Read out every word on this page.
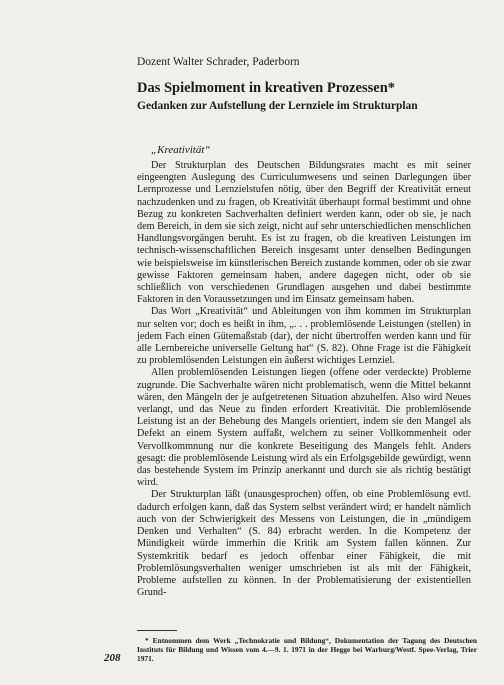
Dozent Walter Schrader, Paderborn
Das Spielmoment in kreativen Prozessen*
Gedanken zur Aufstellung der Lernziele im Strukturplan
„Kreativität“

Der Strukturplan des Deutschen Bildungsrates macht es mit seiner eingeengten Auslegung des Curriculumwesens und seinen Darlegungen über Lernprozesse und Lernzielstufen nötig, über den Begriff der Kreativität erneut nachzudenken und zu fragen, ob Kreativität überhaupt formal bestimmt und ohne Bezug zu konkreten Sachverhalten definiert werden kann, oder ob sie, je nach dem Bereich, in dem sie sich zeigt, nicht auf sehr unterschiedlichen menschlichen Handlungsvorgängen beruht. Es ist zu fragen, ob die kreativen Leistungen im technisch-wissenschaftlichen Bereich insgesamt unter denselben Bedingungen wie beispielsweise im künstlerischen Bereich zustande kommen, oder ob sie zwar gewisse Faktoren gemeinsam haben, andere dagegen nicht, oder ob sie schließlich von verschiedenen Grundlagen ausgehen und dabei bestimmte Faktoren in den Voraussetzungen und im Einsatz gemeinsam haben.

Das Wort „Kreativität“ und Ableitungen von ihm kommen im Strukturplan nur selten vor; doch es heißt in ihm, „. . . problemlösende Leistungen (stellen) in jedem Fach einen Gütemaßstab (dar), der nicht übertroffen werden kann und für alle Lernbereiche universelle Geltung hat“ (S. 82). Ohne Frage ist die Fähigkeit zu problemlösenden Leistungen ein äußerst wichtiges Lernziel.

Allen problemlösenden Leistungen liegen (offene oder verdeckte) Probleme zugrunde. Die Sachverhalte wären nicht problematisch, wenn die Mittel bekannt wären, den Mängeln der je aufgetretenen Situation abzuhelfen. Also wird Neues verlangt, und das Neue zu finden erfordert Kreativität. Die problemlösende Leistung ist an der Behebung des Mangels orientiert, indem sie den Mangel als Defekt an einem System auffaßt, welchem zu seiner Vollkommenheit oder Vervollkommnung nur die konkrete Beseitigung des Mangels fehlt. Anders gesagt: die problemlösende Leistung wird als ein Erfolgsgebilde gewürdigt, wenn das bestehende System im Prinzip anerkannt und durch sie als richtig bestätigt wird.

Der Strukturplan läßt (unausgesprochen) offen, ob eine Problemlösung evtl. dadurch erfolgen kann, daß das System selbst verändert wird; er handelt nämlich auch von der Schwierigkeit des Messens von Leistungen, die in „mündigem Denken und Verhalten“ (S. 84) erbracht werden. In die Kompetenz der Mündigkeit würde immerhin die Kritik am System fallen können. Zur Systemkritik bedarf es jedoch offenbar einer Fähigkeit, die mit Problemlösungsverhalten weniger umschrieben ist als mit der Fähigkeit, Probleme aufstellen zu können. In der Problematisierung der existentiellen Grund-

* Entnommen dem Werk „Technokratie und Bildung“, Dokumentation der Tagung des Deutschen Instituts für Bildung und Wissen vom 4.—9. 1. 1971 in der Hegge bei Warburg/Westf. Spee-Verlag, Trier 1971.
208
